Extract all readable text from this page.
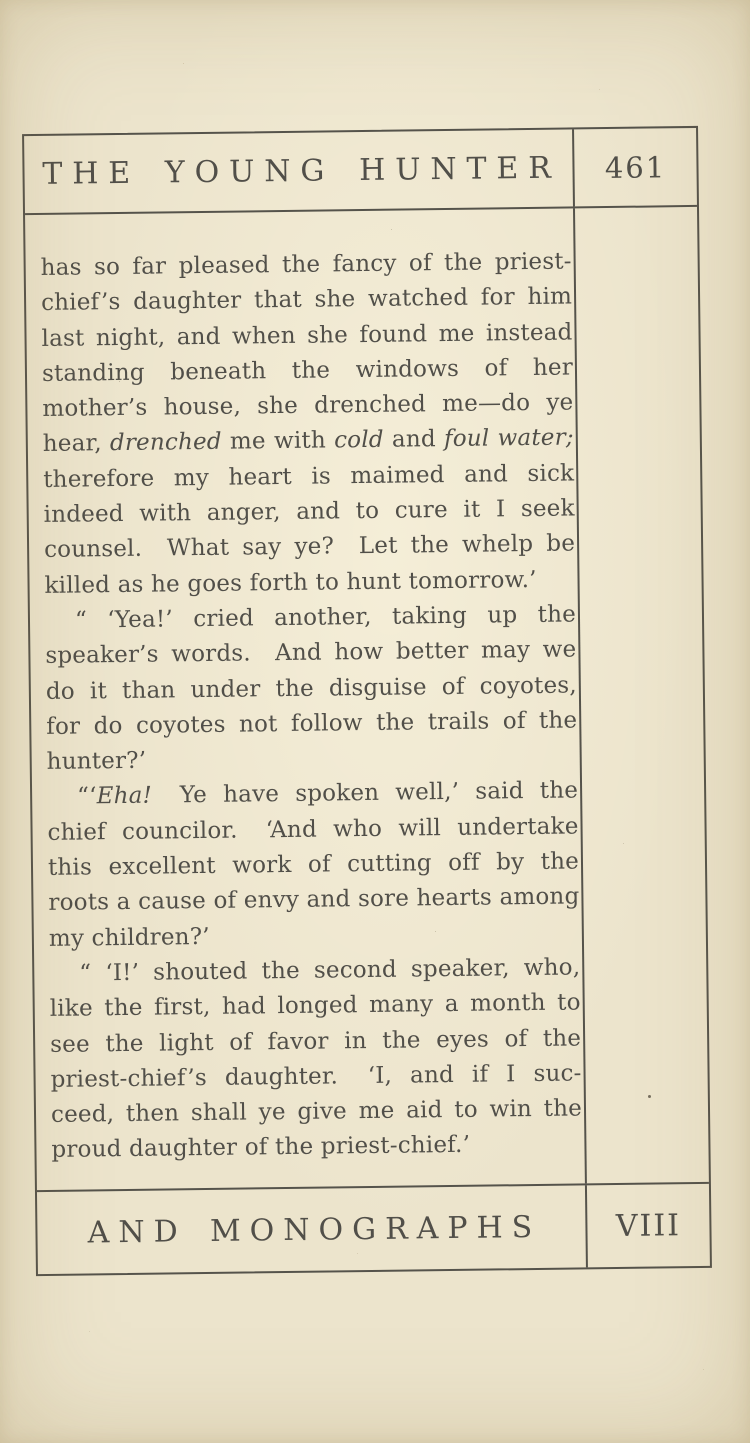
THE YOUNG HUNTER 461
has so far pleased the fancy of the priest-
chief’s daughter that she watched for him
last night, and when she found me instead
standing beneath the windows of her
mother’s house, she drenched me—do ye
hear, drenched me with cold and foul water;
therefore my heart is maimed and sick
indeed with anger, and to cure it I seek
counsel.  What say ye?  Let the whelp be
killed as he goes forth to hunt tomorrow.’
“ ‘Yea!’ cried another, taking up the
speaker’s words.  And how better may we
do it than under the disguise of coyotes,
for do coyotes not follow the trails of the
hunter?’
“‘Eha!  Ye have spoken well,’ said the
chief councilor.  ‘And who will undertake
this excellent work of cutting off by the
roots a cause of envy and sore hearts among
my children?’
“ ‘I!’ shouted the second speaker, who,
like the first, had longed many a month to
see the light of favor in the eyes of the
priest-chief’s daughter.  ‘I, and if I suc-
ceed, then shall ye give me aid to win the
proud daughter of the priest-chief.’
AND MONOGRAPHS VIII
